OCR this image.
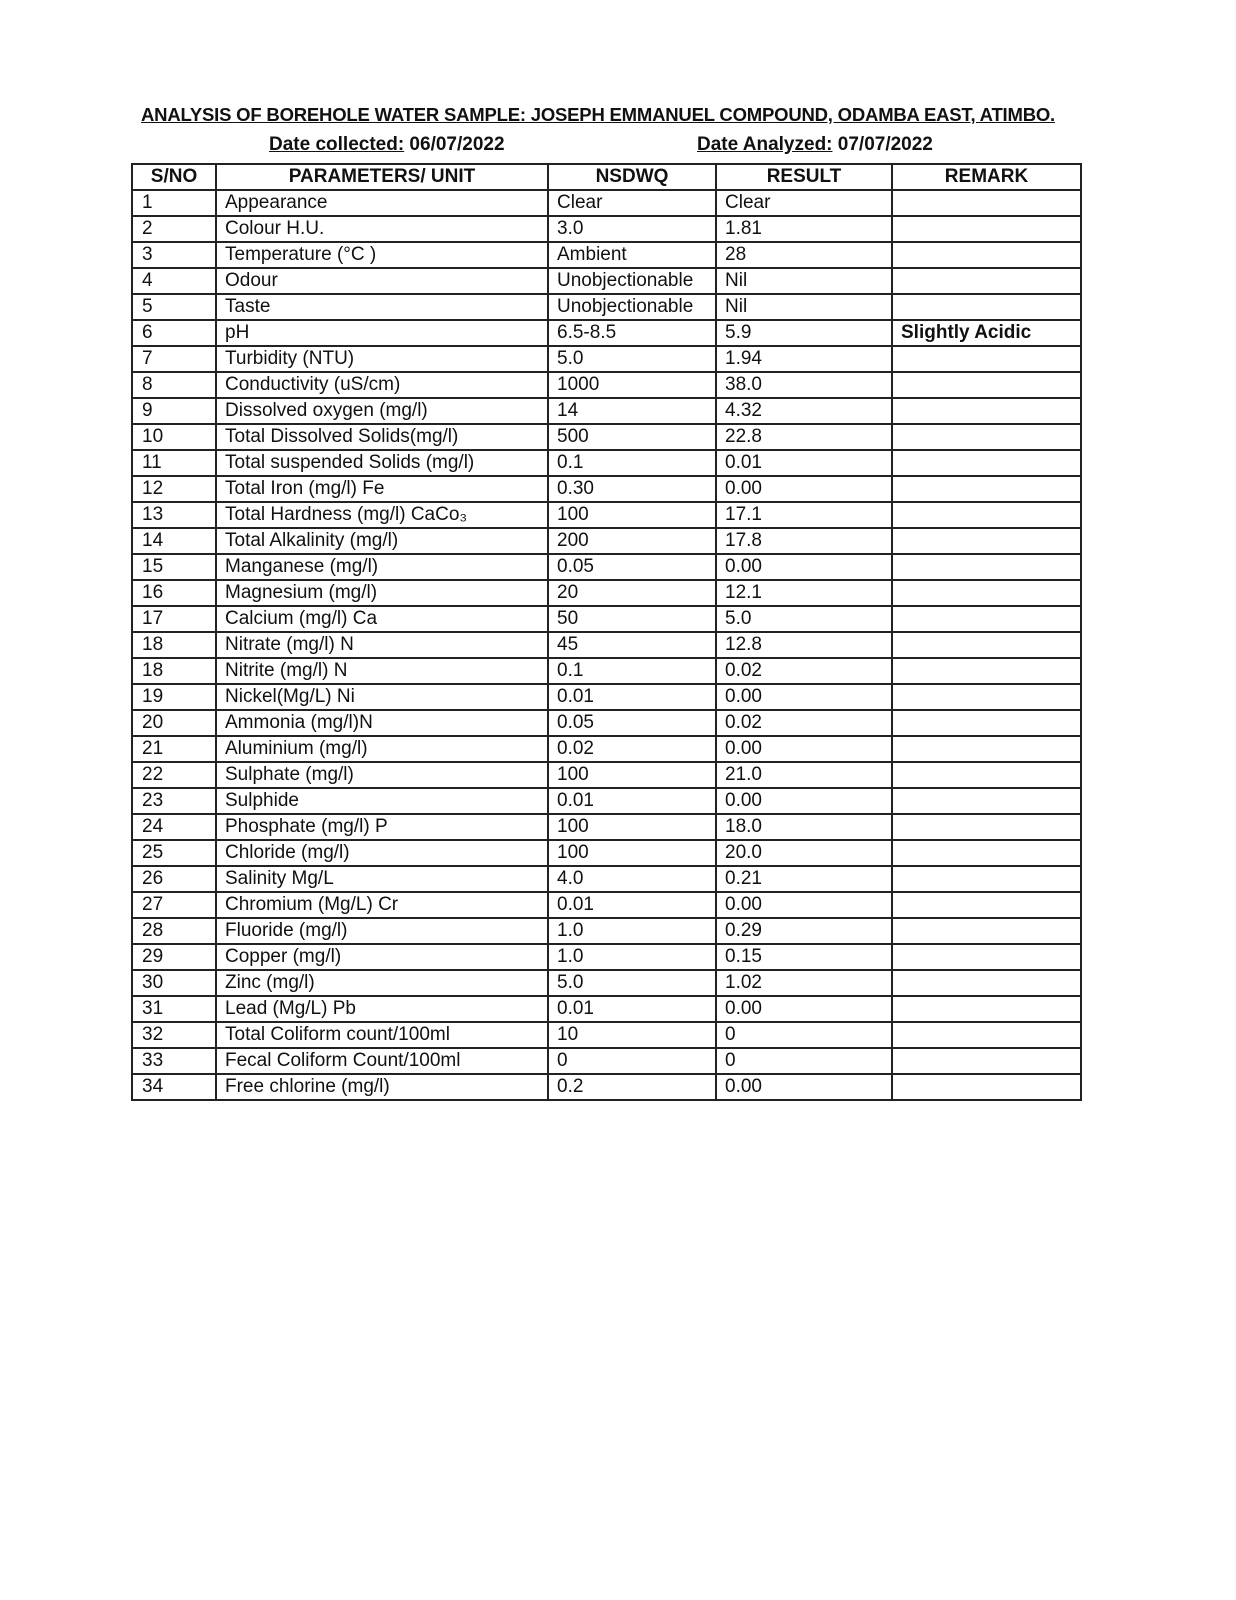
ANALYSIS OF BOREHOLE WATER SAMPLE: JOSEPH EMMANUEL COMPOUND, ODAMBA EAST, ATIMBO.
Date collected: 06/07/2022	Date Analyzed: 07/07/2022
S/NO	PARAMETERS/ UNIT	NSDWQ	RESULT	REMARK
1	Appearance	Clear	Clear	
2	Colour H.U.	3.0	1.81	
3	Temperature (°C )	Ambient	28	
4	Odour	Unobjectionable	Nil	
5	Taste	Unobjectionable	Nil	
6	pH	6.5-8.5	5.9	Slightly Acidic
7	Turbidity (NTU)	5.0	1.94	
8	Conductivity (uS/cm)	1000	38.0	
9	Dissolved oxygen (mg/l)	14	4.32	
10	Total Dissolved Solids(mg/l)	500	22.8	
11	Total suspended Solids (mg/l)	0.1	0.01	
12	Total Iron (mg/l) Fe	0.30	0.00	
13	Total Hardness (mg/l) CaCo₃	100	17.1	
14	Total Alkalinity (mg/l)	200	17.8	
15	Manganese (mg/l)	0.05	0.00	
16	Magnesium (mg/l)	20	12.1	
17	Calcium (mg/l) Ca	50	5.0	
18	Nitrate (mg/l) N	45	12.8	
18	Nitrite (mg/l) N	0.1	0.02	
19	Nickel(Mg/L) Ni	0.01	0.00	
20	Ammonia (mg/l)N	0.05	0.02	
21	Aluminium (mg/l)	0.02	0.00	
22	Sulphate (mg/l)	100	21.0	
23	Sulphide	0.01	0.00	
24	Phosphate (mg/l) P	100	18.0	
25	Chloride (mg/l)	100	20.0	
26	Salinity Mg/L	4.0	0.21	
27	Chromium (Mg/L) Cr	0.01	0.00	
28	Fluoride (mg/l)	1.0	0.29	
29	Copper (mg/l)	1.0	0.15	
30	Zinc (mg/l)	5.0	1.02	
31	Lead (Mg/L) Pb	0.01	0.00	
32	Total Coliform count/100ml	10	0	
33	Fecal Coliform Count/100ml	0	0	
34	Free chlorine (mg/l)	0.2	0.00	
